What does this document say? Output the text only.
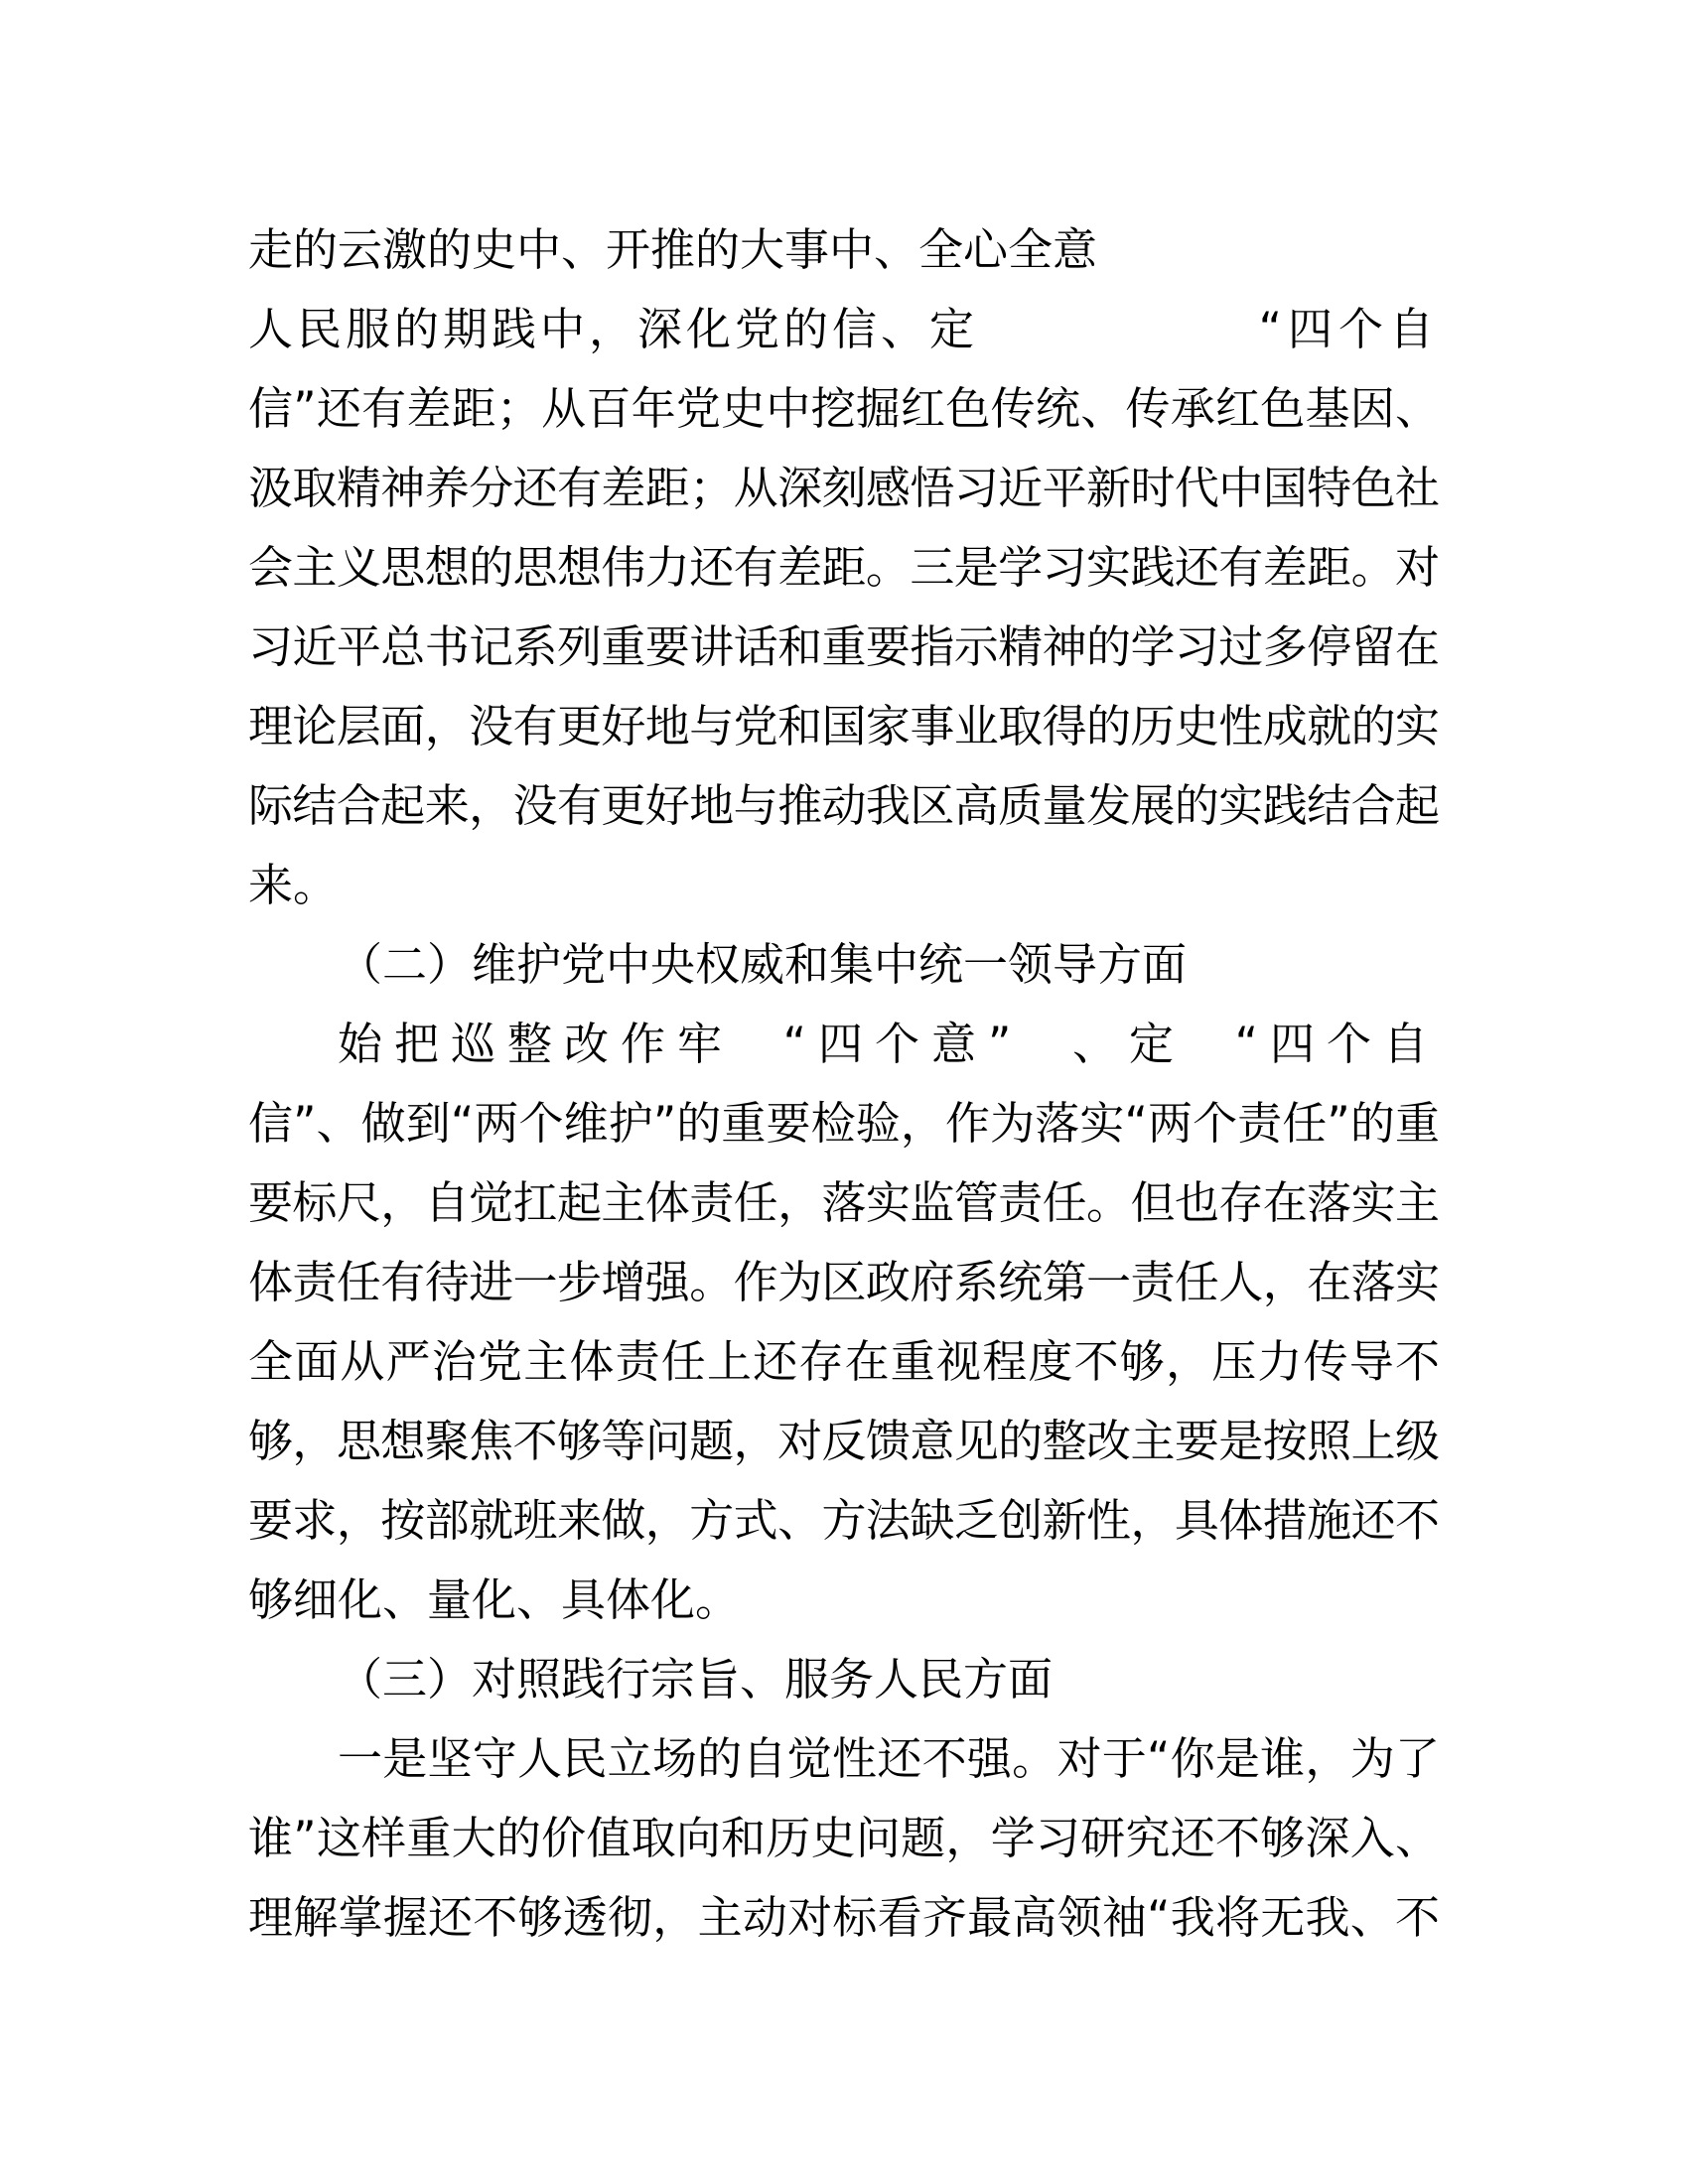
走的云激的史中、开推的大事中、全心全意
人民服的期践中，深化党的信、定	“四个自
信”还有差距；从百年党史中挖掘红色传统、传承红色基因、
汲取精神养分还有差距；从深刻感悟习近平新时代中国特色社
会主义思想的思想伟力还有差距。三是学习实践还有差距。对
习近平总书记系列重要讲话和重要指示精神的学习过多停留在
理论层面，没有更好地与党和国家事业取得的历史性成就的实
际结合起来，没有更好地与推动我区高质量发展的实践结合起
来。
（二）维护党中央权威和集中统一领导方面
始把巡整改作牢 “四个意” 、定 “四个自
信”、做到“两个维护”的重要检验，作为落实“两个责任”的重
要标尺，自觉扛起主体责任，落实监管责任。但也存在落实主
体责任有待进一步增强。作为区政府系统第一责任人，在落实
全面从严治党主体责任上还存在重视程度不够，压力传导不
够，思想聚焦不够等问题，对反馈意见的整改主要是按照上级
要求，按部就班来做，方式、方法缺乏创新性，具体措施还不
够细化、量化、具体化。
（三）对照践行宗旨、服务人民方面
一是坚守人民立场的自觉性还不强。对于“你是谁，为了
谁”这样重大的价值取向和历史问题，学习研究还不够深入、
理解掌握还不够透彻，主动对标看齐最高领袖“我将无我、不
